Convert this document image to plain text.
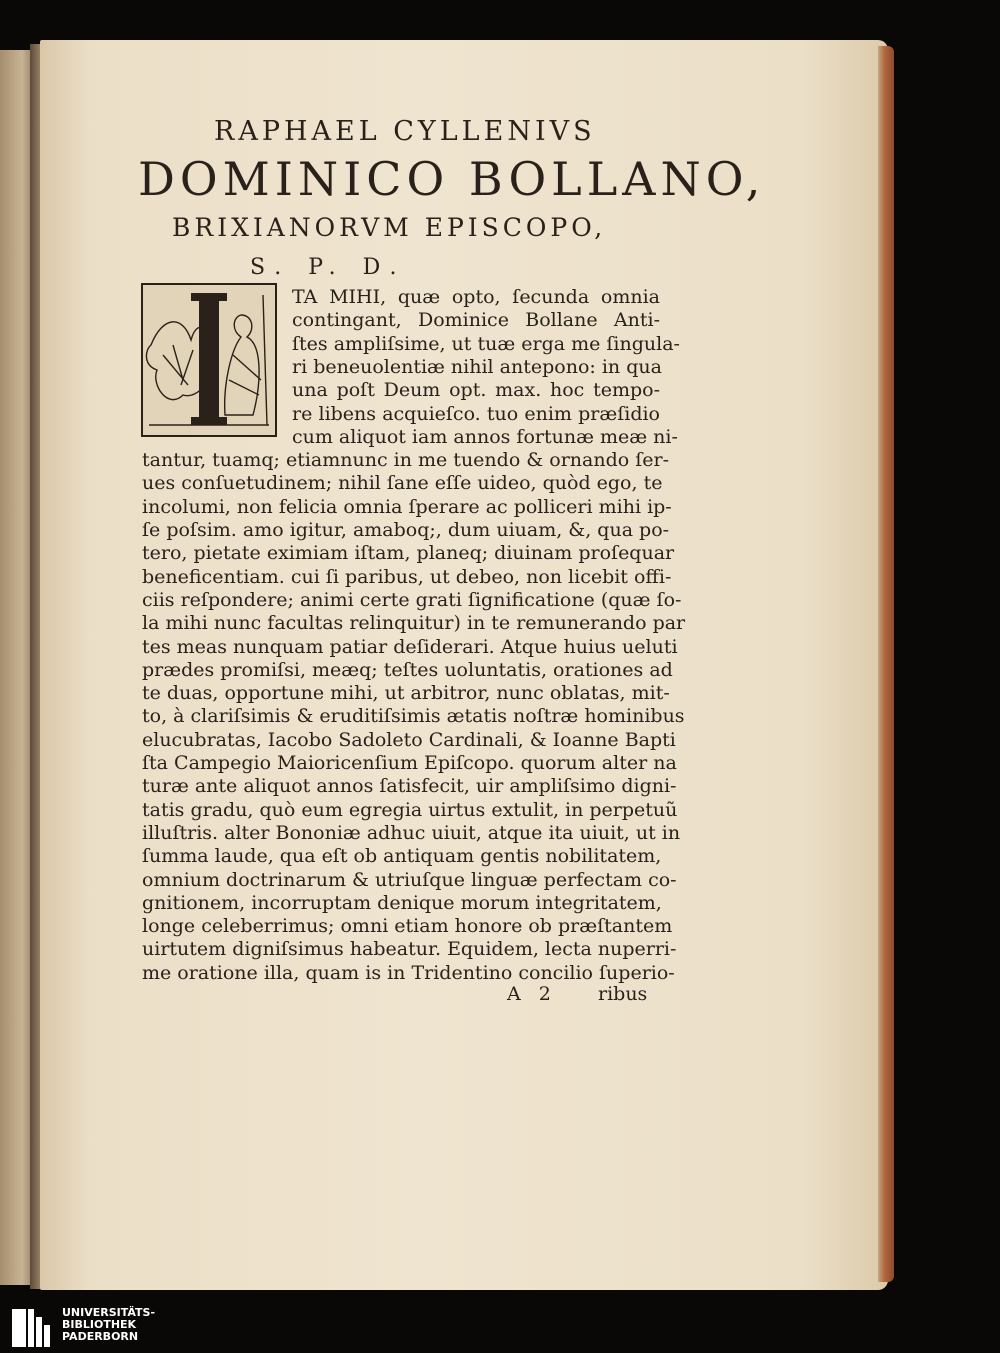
RAPHAEL CYLLENIVS
DOMINICO BOLLANO,
BRIXIANORVM EPISCOPO,
S. P. D.
I
TA MIHI, quæ opto, ſecunda omnia
contingant, Dominice Bollane Anti-
ſtes ampliſsime, ut tuæ erga me ſingula-
ri beneuolentiæ nihil antepono: in qua
una poſt Deum opt. max. hoc tempo-
re libens acquieſco. tuo enim præſidio
cum aliquot iam annos fortunæ meæ ni-
tantur, tuamq; etiamnunc in me tuendo & ornando ſer-
ues conſuetudinem; nihil ſane eſſe uideo, quòd ego, te
incolumi, non felicia omnia ſperare ac polliceri mihi ip-
ſe poſsim. amo igitur, amaboq;, dum uiuam, &, qua po-
tero, pietate eximiam iſtam, planeq; diuinam proſequar
beneficentiam. cui ſi paribus, ut debeo, non licebit offi-
ciis reſpondere; animi certe grati ſignificatione (quæ ſo-
la mihi nunc facultas relinquitur) in te remunerando par
tes meas nunquam patiar deſiderari. Atque huius ueluti
prædes promiſsi, meæq; teſtes uoluntatis, orationes ad
te duas, opportune mihi, ut arbitror, nunc oblatas, mit-
to, à clariſsimis & eruditiſsimis ætatis noſtræ hominibus
elucubratas, Iacobo Sadoleto Cardinali, & Ioanne Bapti
ſta Campegio Maioricenſium Epiſcopo. quorum alter na
turæ ante aliquot annos ſatisfecit, uir ampliſsimo digni-
tatis gradu, quò eum egregia uirtus extulit, in perpetuũ
illuſtris. alter Bononiæ adhuc uiuit, atque ita uiuit, ut in
ſumma laude, qua eſt ob antiquam gentis nobilitatem,
omnium doctrinarum & utriuſque linguæ perfectam co-
gnitionem, incorruptam denique morum integritatem,
longe celeberrimus; omni etiam honore ob præſtantem
uirtutem digniſsimus habeatur. Equidem, lecta nuperri-
me oratione illa, quam is in Tridentino concilio ſuperio-
A 2 ribus
UNIVERSITÄTS-
BIBLIOTHEK
PADERBORN
